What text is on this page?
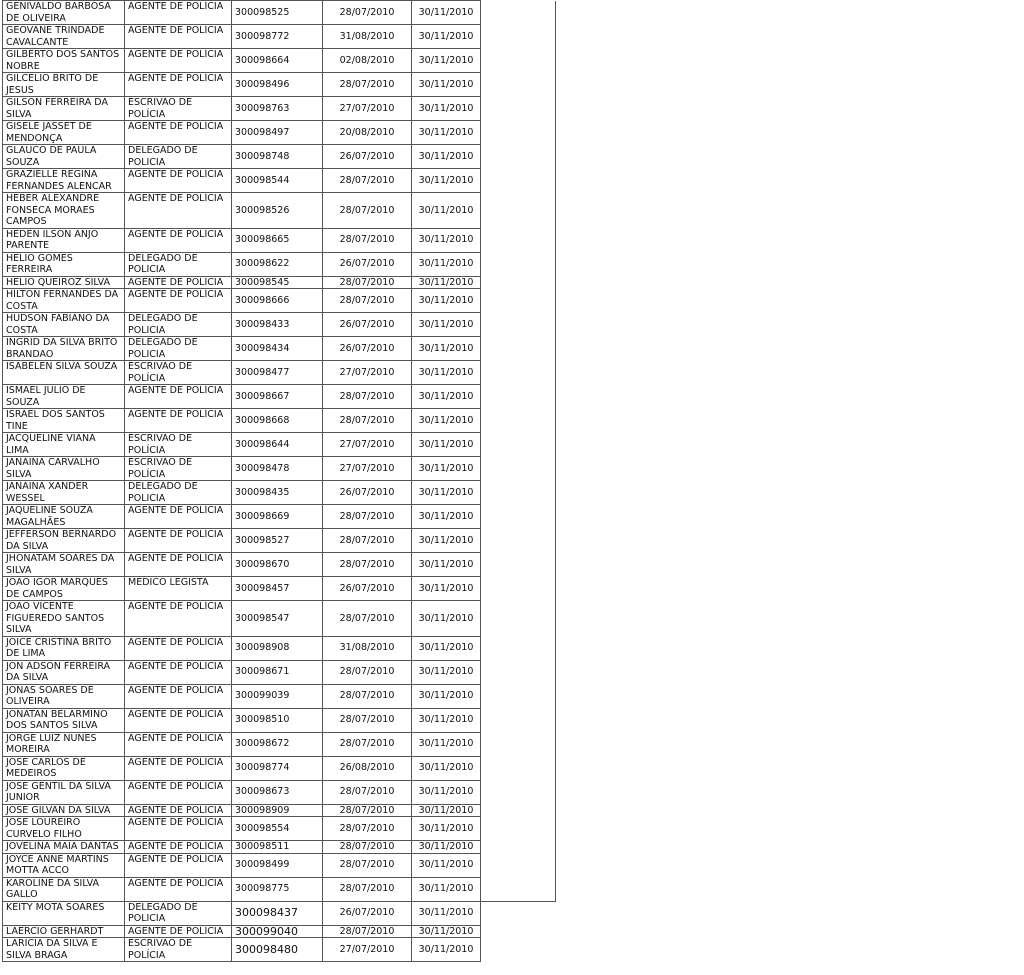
GENIVALDO BARBOSA DE OLIVEIRA	AGENTE DE POLÍCIA	300098525	28/07/2010	30/11/2010	
GEOVANE TRINDADE CAVALCANTE	AGENTE DE POLÍCIA	300098772	31/08/2010	30/11/2010	
GILBERTO DOS SANTOS NOBRE	AGENTE DE POLÍCIA	300098664	02/08/2010	30/11/2010	
GILCELIO BRITO DE JESUS	AGENTE DE POLÍCIA	300098496	28/07/2010	30/11/2010	
GILSON FERREIRA DA SILVA	ESCRIVÃO DE POLÍCIA	300098763	27/07/2010	30/11/2010	
GISELE JASSET DE MENDONÇA	AGENTE DE POLÍCIA	300098497	20/08/2010	30/11/2010	
GLAUCO DE PAULA SOUZA	DELEGADO DE POLICIA	300098748	26/07/2010	30/11/2010	
GRAZIELLE REGINA FERNANDES ALENCAR	AGENTE DE POLÍCIA	300098544	28/07/2010	30/11/2010	
HEBER ALEXANDRE FONSECA MORAES CAMPOS	AGENTE DE POLÍCIA	300098526	28/07/2010	30/11/2010	
HEDEN ILSON ANJO PARENTE	AGENTE DE POLÍCIA	300098665	28/07/2010	30/11/2010	
HELIO GOMES FERREIRA	DELEGADO DE POLICIA	300098622	26/07/2010	30/11/2010	
HELIO QUEIROZ SILVA	AGENTE DE POLÍCIA	300098545	28/07/2010	30/11/2010	
HILTON FERNANDES DA COSTA	AGENTE DE POLÍCIA	300098666	28/07/2010	30/11/2010	
HUDSON FABIANO DA COSTA	DELEGADO DE POLICIA	300098433	26/07/2010	30/11/2010	
INGRID DA SILVA BRITO BRANDAO	DELEGADO DE POLICIA	300098434	26/07/2010	30/11/2010	
ISABELEN SILVA SOUZA	ESCRIVÃO DE POLÍCIA	300098477	27/07/2010	30/11/2010	
ISMAEL JULIO DE SOUZA	AGENTE DE POLÍCIA	300098667	28/07/2010	30/11/2010	
ISRAEL DOS SANTOS TINE	AGENTE DE POLÍCIA	300098668	28/07/2010	30/11/2010	
JACQUELINE VIANA LIMA	ESCRIVÃO DE POLÍCIA	300098644	27/07/2010	30/11/2010	
JANAINA CARVALHO SILVA	ESCRIVÃO DE POLÍCIA	300098478	27/07/2010	30/11/2010	
JANAINA XANDER WESSEL	DELEGADO DE POLICIA	300098435	26/07/2010	30/11/2010	
JAQUELINE SOUZA MAGALHÃES	AGENTE DE POLÍCIA	300098669	28/07/2010	30/11/2010	
JEFFERSON BERNARDO DA SILVA	AGENTE DE POLÍCIA	300098527	28/07/2010	30/11/2010	
JHONATAM SOARES DA SILVA	AGENTE DE POLÍCIA	300098670	28/07/2010	30/11/2010	
JOAO IGOR MARQUES DE CAMPOS	MÉDICO LEGISTA	300098457	26/07/2010	30/11/2010	
JOAO VICENTE FIGUEREDO SANTOS SILVA	AGENTE DE POLÍCIA	300098547	28/07/2010	30/11/2010	
JOICE CRISTINA BRITO DE LIMA	AGENTE DE POLÍCIA	300098908	31/08/2010	30/11/2010	
JON ADSON FERREIRA DA SILVA	AGENTE DE POLÍCIA	300098671	28/07/2010	30/11/2010	
JONAS SOARES DE OLIVEIRA	AGENTE DE POLÍCIA	300099039	28/07/2010	30/11/2010	
JONATAN BELARMINO DOS SANTOS SILVA	AGENTE DE POLÍCIA	300098510	28/07/2010	30/11/2010	
JORGE LUIZ NUNES MOREIRA	AGENTE DE POLÍCIA	300098672	28/07/2010	30/11/2010	
JOSE CARLOS DE MEDEIROS	AGENTE DE POLÍCIA	300098774	26/08/2010	30/11/2010	
JOSE GENTIL DA SILVA JUNIOR	AGENTE DE POLÍCIA	300098673	28/07/2010	30/11/2010	
JOSE GILVAN DA SILVA	AGENTE DE POLÍCIA	300098909	28/07/2010	30/11/2010	
JOSE LOUREIRO CURVELO FILHO	AGENTE DE POLÍCIA	300098554	28/07/2010	30/11/2010	
JOVELINA MAIA DANTAS	AGENTE DE POLÍCIA	300098511	28/07/2010	30/11/2010	
JOYCE ANNE MARTINS MOTTA ACCO	AGENTE DE POLÍCIA	300098499	28/07/2010	30/11/2010	
KAROLINE DA SILVA GALLO	AGENTE DE POLÍCIA	300098775	28/07/2010	30/11/2010	
KEITY MOTA SOARES	DELEGADO DE POLICIA	300098437	26/07/2010	30/11/2010	
LAERCIO GERHARDT	AGENTE DE POLÍCIA	300099040	28/07/2010	30/11/2010	
LARICIA DA SILVA E SILVA BRAGA	ESCRIVÃO DE POLÍCIA	300098480	27/07/2010	30/11/2010	
